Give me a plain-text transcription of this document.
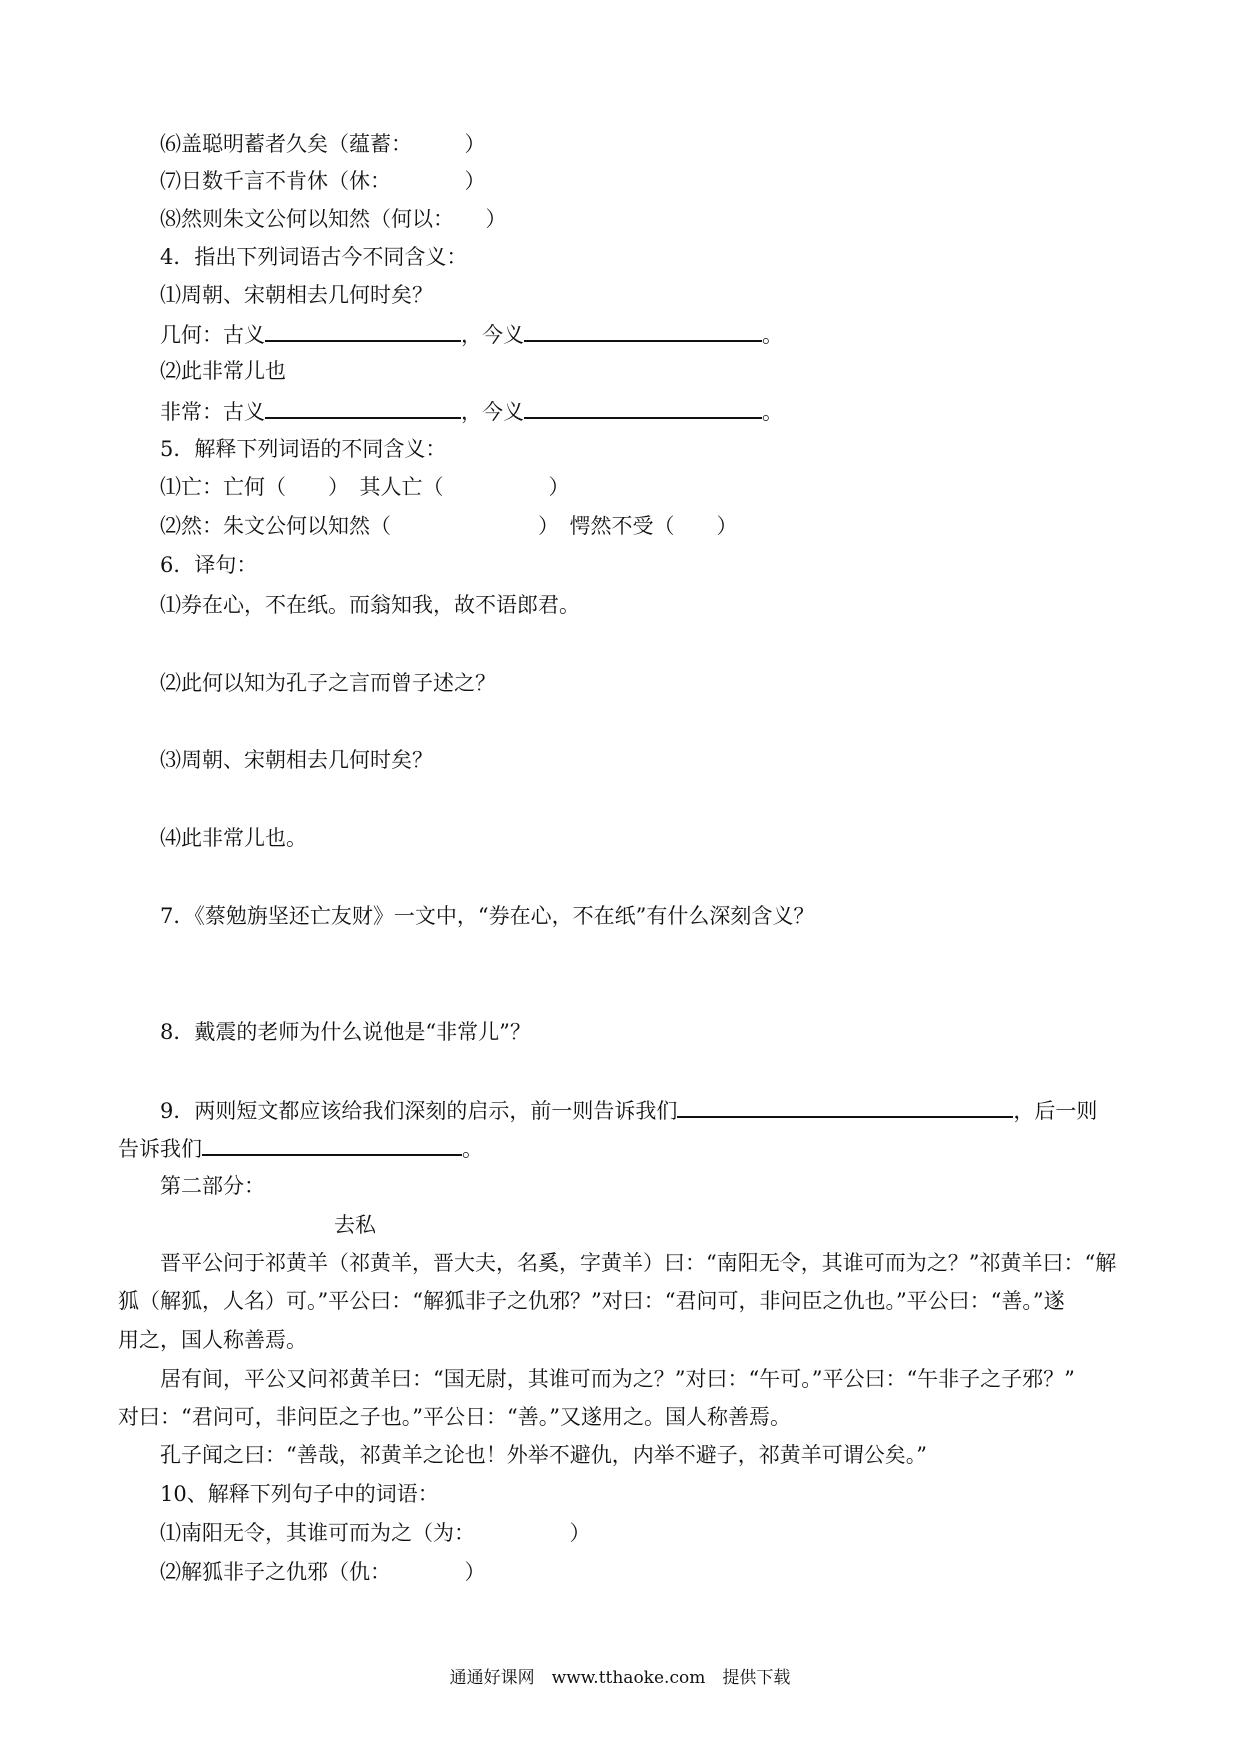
⑹盖聪明蓄者久矣（蕴蓄：　　　）
⑺日数千言不肯休（休：　　　　）
⑻然则朱文公何以知然（何以：　　）
4．指出下列词语古今不同含义：
⑴周朝、宋朝相去几何时矣？
几何：古义	，今义	。
⑵此非常儿也
非常：古义	，今义	。
5．解释下列词语的不同含义：
⑴亡：亡何（　　）　其人亡（　　　　　）
⑵然：朱文公何以知然（　　　　　　　）　愕然不受（　　）
6．译句：
⑴券在心，不在纸。而翁知我，故不语郎君。
⑵此何以知为孔子之言而曾子述之？
⑶周朝、宋朝相去几何时矣？
⑷此非常儿也。
7．《蔡勉旃坚还亡友财》一文中，“券在心，不在纸”有什么深刻含义？
8．戴震的老师为什么说他是“非常儿”？
9．两则短文都应该给我们深刻的启示，前一则告诉我们	，后一则
告诉我们	。
第二部分：
去私
晋平公问于祁黄羊（祁黄羊，晋大夫，名奚，字黄羊）曰：“南阳无令，其谁可而为之？”祁黄羊曰：“解
狐（解狐，人名）可。”平公曰：“解狐非子之仇邪？”对曰：“君问可，非问臣之仇也。”平公曰：“善。”遂
用之，国人称善焉。
居有间，平公又问祁黄羊曰：“国无尉，其谁可而为之？”对曰：“午可。”平公曰：“午非子之子邪？”
对曰：“君问可，非问臣之子也。”平公日：“善。”又遂用之。国人称善焉。
孔子闻之曰：“善哉，祁黄羊之论也！外举不避仇，内举不避子，祁黄羊可谓公矣。”
10、解释下列句子中的词语：
⑴南阳无令，其谁可而为之（为：　　　　　）
⑵解狐非子之仇邪（仇：　　　　）
通通好课网　www.tthaoke.com　提供下载
